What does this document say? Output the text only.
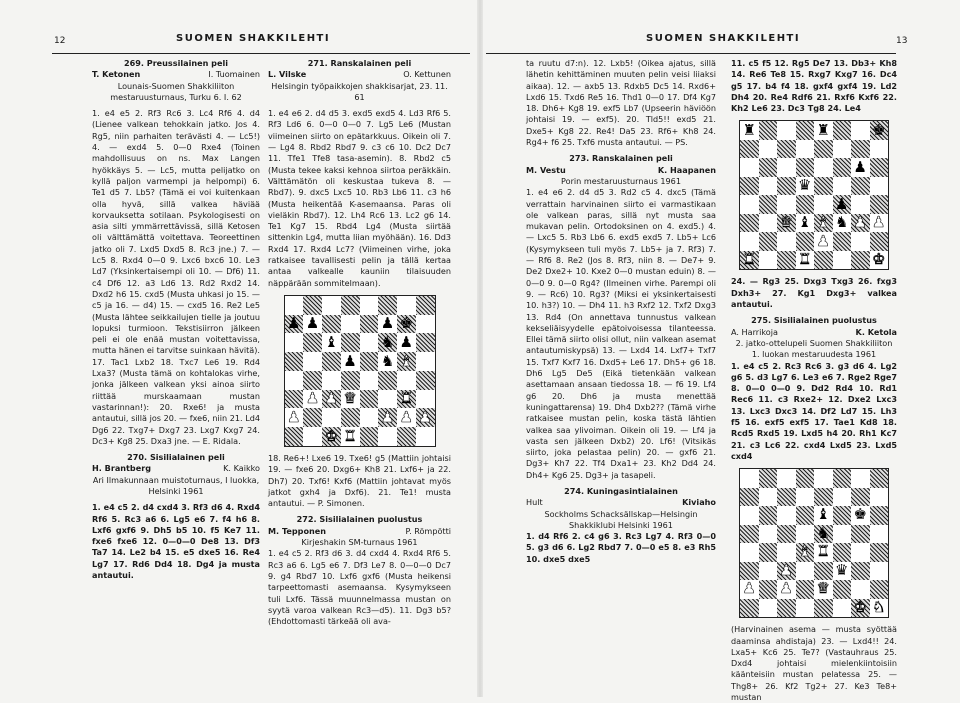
12	SUOMEN SHAKKILEHTI

269. Preussilainen peli

T. Ketonen	I. Tuomainen

Lounais-Suomen Shakkiliiton mestaruusturnaus, Turku 6. I. 62

1. e4 e5 2. Rf3 Rc6 3. Lc4 Rf6 4. d4 (Lienee valkean tehokkain jatko. Jos 4. Rg5, niin parhaiten terävästi 4. — Lc5!) 4. — exd4 5. 0—0 Rxe4 (Toinen mahdollisuus on ns. Max Langen hyökkäys 5. — Lc5, mutta pelijatko on kyllä paljon varmempi ja helpompi) 6. Te1 d5 7. Lb5? (Tämä ei voi kuitenkaan olla hyvä, sillä valkea häviää korvauksetta sotilaan. Psykologisesti on asia silti ymmärrettävissä, sillä Ketosen oli välttämättä voitettava. Teoreettinen jatko oli 7. Lxd5 Dxd5 8. Rc3 jne.) 7. — Lc5 8. Rxd4 0—0 9. Lxc6 bxc6 10. Le3 Ld7 (Yksinkertaisempi oli 10. — Df6) 11. c4 Df6 12. a3 Ld6 13. Rd2 Rxd2 14. Dxd2 h6 15. cxd5 (Musta uhkasi jo 15. — c5 ja 16. — d4) 15. — cxd5 16. Re2 Le5 (Musta lähtee seikkailujen tielle ja joutuu lopuksi turmioon. Tekstisiirron jälkeen peli ei ole enää mustan voitettavissa, mutta hänen ei tarvitse suinkaan hävitä). 17. Tac1 Lxb2 18. Txc7 Le6 19. Rd4 Lxa3? (Musta tämä on kohtalokas virhe, jonka jälkeen valkean yksi ainoa siirto riittää murskaamaan mustan vastarinnan!): 20. Rxe6! ja musta antautui, sillä jos 20. — fxe6, niin 21. Ld4 Dg6 22. Txg7+ Dxg7 23. Lxg7 Kxg7 24. Dc3+ Kg8 25. Dxa3 jne. — E. Ridala.

270. Sisilialainen peli

H. Brantberg	K. Kaikko

Ari Ilmakunnaan muistoturnaus, I luokka, Helsinki 1961

1. e4 c5 2. d4 cxd4 3. Rf3 d6 4. Rxd4 Rf6 5. Rc3 a6 6. Lg5 e6 7. f4 h6 8. Lxf6 gxf6 9. Dh5 b5 10. f5 Ke7 11. fxe6 fxe6 12. 0—0—0 De8 13. Df3 Ta7 14. Le2 b4 15. e5 dxe5 16. Re4 Lg7 17. Rd6 Dd4 18. Dg4 ja musta antautui.

271. Ranskalainen peli

L. Vilske	O. Kettunen

Helsingin työpaikkojen shakkisarjat, 23. 11. 61

1. e4 e6 2. d4 d5 3. exd5 exd5 4. Ld3 Rf6 5. Rf3 Ld6 6. 0—0 0—0 7. Lg5 Le6 (Mustan viimeinen siirto on epätarkkuus. Oikein oli 7. — Lg4 8. Rbd2 Rbd7 9. c3 c6 10. Dc2 Dc7 11. Tfe1 Tfe8 tasa-asemin). 8. Rbd2 c5 (Musta tekee kaksi kehnoa siirtoa peräkkäin. Välttämätön oli keskustaa tukeva 8. — Rbd7). 9. dxc5 Lxc5 10. Rb3 Lb6 11. c3 h6 (Musta heikentää K-asemaansa. Paras oli vieläkin Rbd7). 12. Lh4 Rc6 13. Lc2 g6 14. Te1 Kg7 15. Rbd4 Lg4 (Musta siirtää sittenkin Lg4, mutta liian myöhään). 16. Dd3 Rxd4 17. Rxd4 Lc7? (Viimeinen virhe, joka ratkaisee tavallisesti pelin ja tällä kertaa antaa valkealle kauniin tilaisuuden näppärään sommitelmaan).

♟ ♟	♟ ♚
♝	♞ ♟
♟ ♞ ♝
♟ ♟ ♛	♜
♟	♟ ♟ ♟
♚ ♜

18. Re6+! Lxe6 19. Txe6! g5 (Mattiin johtaisi 19. — fxe6 20. Dxg6+ Kh8 21. Lxf6+ ja 22. Dh7) 20. Txf6! Kxf6 (Mattiin johtavat myös jatkot gxh4 ja Dxf6). 21. Te1! musta antautui. — P. Simonen.

272. Sisilialainen puolustus

M. Tepponen	P. Römpötti

Kirjeshakin SM-turnaus 1961

1. e4 c5 2. Rf3 d6 3. d4 cxd4 4. Rxd4 Rf6 5. Rc3 a6 6. Lg5 e6 7. Df3 Le7 8. 0—0—0 Dc7 9. g4 Rbd7 10. Lxf6 gxf6 (Musta heikensi tarpeettomasti asemaansa. Kysymykseen tuli Lxf6. Tässä muunnelmassa mustan on syytä varoa valkean Rc3—d5). 11. Dg3 b5? (Ehdottomasti tärkeää oli ava-

SUOMEN SHAKKILEHTI	13

ta ruutu d7:n). 12. Lxb5! (Oikea ajatus, sillä lähetin kehittäminen muuten pelin veisi liiaksi aikaa). 12. — axb5 13. Rdxb5 Dc5 14. Rxd6+ Lxd6 15. Txd6 Re5 16. Thd1 0—0 17. Df4 Kg7 18. Dh6+ Kg8 19. exf5 Lb7 (Upseerin häviöön johtaisi 19. — exf5). 20. Tld5!! exd5 21. Dxe5+ Kg8 22. Re4! Da5 23. Rf6+ Kh8 24. Rg4+ f6 25. Txf6 musta antautui. — PS.

273. Ranskalainen peli

M. Vestu	K. Haapanen

Porin mestaruusturnaus 1961

1. e4 e6 2. d4 d5 3. Rd2 c5 4. dxc5 (Tämä verrattain harvinainen siirto ei varmastikaan ole valkean paras, sillä nyt musta saa mukavan pelin. Ortodoksinen on 4. exd5.) 4. — Lxc5 5. Rb3 Lb6 6. exd5 exd5 7. Lb5+ Lc6 (Kysymykseen tuli myös 7. Lb5+ ja 7. Rf3) 7. — Rf6 8. Re2 (Jos 8. Rf3, niin 8. — De7+ 9. De2 Dxe2+ 10. Kxe2 0—0 mustan eduin) 8. — 0—0 9. 0—0 Rg4? (Ilmeinen virhe. Parempi oli 9. — Rc6) 10. Rg3? (Miksi ei yksinkertaisesti 10. h3?) 10. — Dh4 11. h3 Rxf2 12. Txf2 Dxg3 13. Rd4 (On annettava tunnustus valkean kekseliäisyydelle epätoivoisessa tilanteessa. Ellei tämä siirto olisi ollut, niin valkean asemat antautumiskypsä) 13. — Lxd4 14. Lxf7+ Txf7 15. Txf7 Kxf7 16. Dxd5+ Le6 17. Dh5+ g6 18. Dh6 Lg5 De5 (Eikä tietenkään valkean asettamaan ansaan tiedossa 18. — f6 19. Lf4 g6 20. Dh6 ja musta menettää kuningattarensa) 19. Dh4 Dxb2?? (Tämä virhe ratkaisee mustan pelin, koska tästä lähtien valkea saa ylivoiman. Oikein oli 19. — Lf4 ja vasta sen jälkeen Dxb2) 20. Lf6! (Vitsikäs siirto, joka pelastaa pelin) 20. — gxf6 21. Dg3+ Kh7 22. Tf4 Dxa1+ 23. Kh2 Dd4 24. Dh4+ Kg6 25. Dg3+ ja tasapeli.

274. Kuningasintialainen

Hult	Kiviaho

Sockholms Schacksällskap—Helsingin Shakkiklubi Helsinki 1961

1. d4 Rf6 2. c4 g6 3. Rc3 Lg7 4. Rf3 0—0 5. g3 d6 6. Lg2 Rbd7 7. 0—0 e5 8. e3 Rh5 10. dxe5 dxe5

11. c5 f5 12. Rg5 De7 13. Db3+ Kh8 14. Re6 Te8 15. Rxg7 Kxg7 16. Dc4 g5 17. b4 f4 18. gxf4 gxf4 19. Ld2 Dh4 20. Re4 Rdf6 21. Rxf6 Kxf6 22. Kh2 Le6 23. Dc3 Tg8 24. Le4

♜	♜	♚
♟
♛
♟
♛ ♝ ♝ ♞ ♟ ♟
♟
♜	♜	♚

24. — Rg3 25. Dxg3 Txg3 26. fxg3 Dxh3+ 27. Kg1 Dxg3+ valkea antautui.

275. Sisilialainen puolustus

A. Harrikoja	K. Ketola

2. jatko-ottelupeli Suomen Shakkiliiton 1. luokan mestaruudesta 1961

1. e4 c5 2. Rc3 Rc6 3. g3 d6 4. Lg2 g6 5. d3 Lg7 6. Le3 e6 7. Rge2 Rge7 8. 0—0 0—0 9. Dd2 Rd4 10. Rd1 Rec6 11. c3 Rxe2+ 12. Dxe2 Lxc3 13. Lxc3 Dxc3 14. Df2 Ld7 15. Lh3 f5 16. exf5 exf5 17. Tae1 Kd8 18. Rcd5 Rxd5 19. Lxd5 h4 20. Rh1 Kc7 21. c3 Lc6 22. cxd4 Lxd5 23. Lxd5 cxd4

♝ ♚
♞
♝ ♜
♟	♛
♟ ♟ ♛
♚ ♞

(Harvinainen asema — musta syöttää daaminsa ahdistaja) 23. — Lxd4!! 24. Lxa5+ Kc6 25. Te7? (Vastauhraus 25. Dxd4 johtaisi mielenkiintoisiin käänteisiin mustan pelatessa 25. — Thg8+ 26. Kf2 Tg2+ 27. Ke3 Te8+ mustan
